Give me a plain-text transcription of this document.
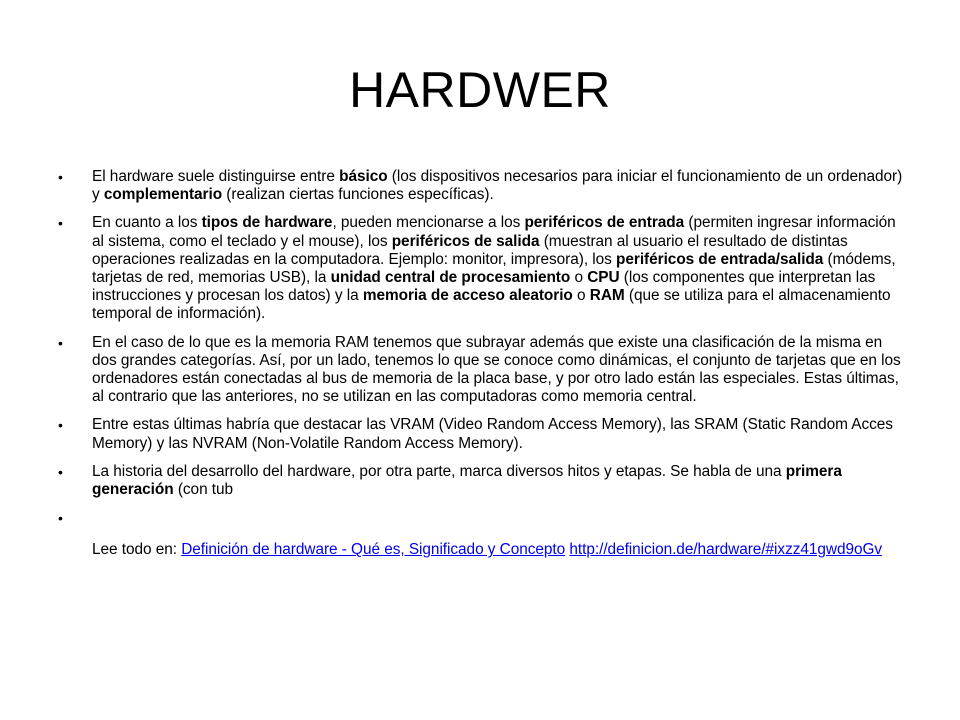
HARDWER
•	El hardware suele distinguirse entre básico (los dispositivos necesarios para iniciar el funcionamiento de un ordenador) y complementario (realizan ciertas funciones específicas).
•	En cuanto a los tipos de hardware, pueden mencionarse a los periféricos de entrada (permiten ingresar información al sistema, como el teclado y el mouse), los periféricos de salida (muestran al usuario el resultado de distintas operaciones realizadas en la computadora. Ejemplo: monitor, impresora), los periféricos de entrada/salida (módems, tarjetas de red, memorias USB), la unidad central de procesamiento o CPU (los componentes que interpretan las instrucciones y procesan los datos) y la memoria de acceso aleatorio o RAM (que se utiliza para el almacenamiento temporal de información).
•	En el caso de lo que es la memoria RAM tenemos que subrayar además que existe una clasificación de la misma en dos grandes categorías. Así, por un lado, tenemos lo que se conoce como dinámicas, el conjunto de tarjetas que en los ordenadores están conectadas al bus de memoria de la placa base, y por otro lado están las especiales. Estas últimas, al contrario que las anteriores, no se utilizan en las computadoras como memoria central.
•	Entre estas últimas habría que destacar las VRAM (Video Random Access Memory), las SRAM (Static Random Acces Memory) y las NVRAM (Non-Volatile Random Access Memory).
•	La historia del desarrollo del hardware, por otra parte, marca diversos hitos y etapas. Se habla de una primera generación (con tub
•
Lee todo en: Definición de hardware - Qué es, Significado y Concepto http://definicion.de/hardware/#ixzz41gwd9oGv
